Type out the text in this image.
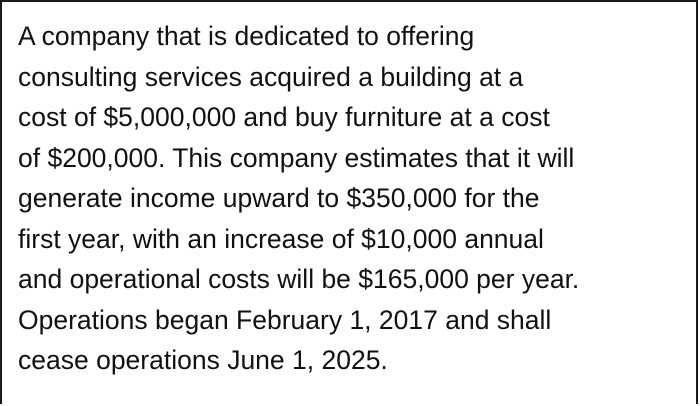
A company that is dedicated to offering
consulting services acquired a building at a
cost of $5,000,000 and buy furniture at a cost
of $200,000. This company estimates that it will
generate income upward to $350,000 for the
first year, with an increase of $10,000 annual
and operational costs will be $165,000 per year.
Operations began February 1, 2017 and shall
cease operations June 1, 2025.
